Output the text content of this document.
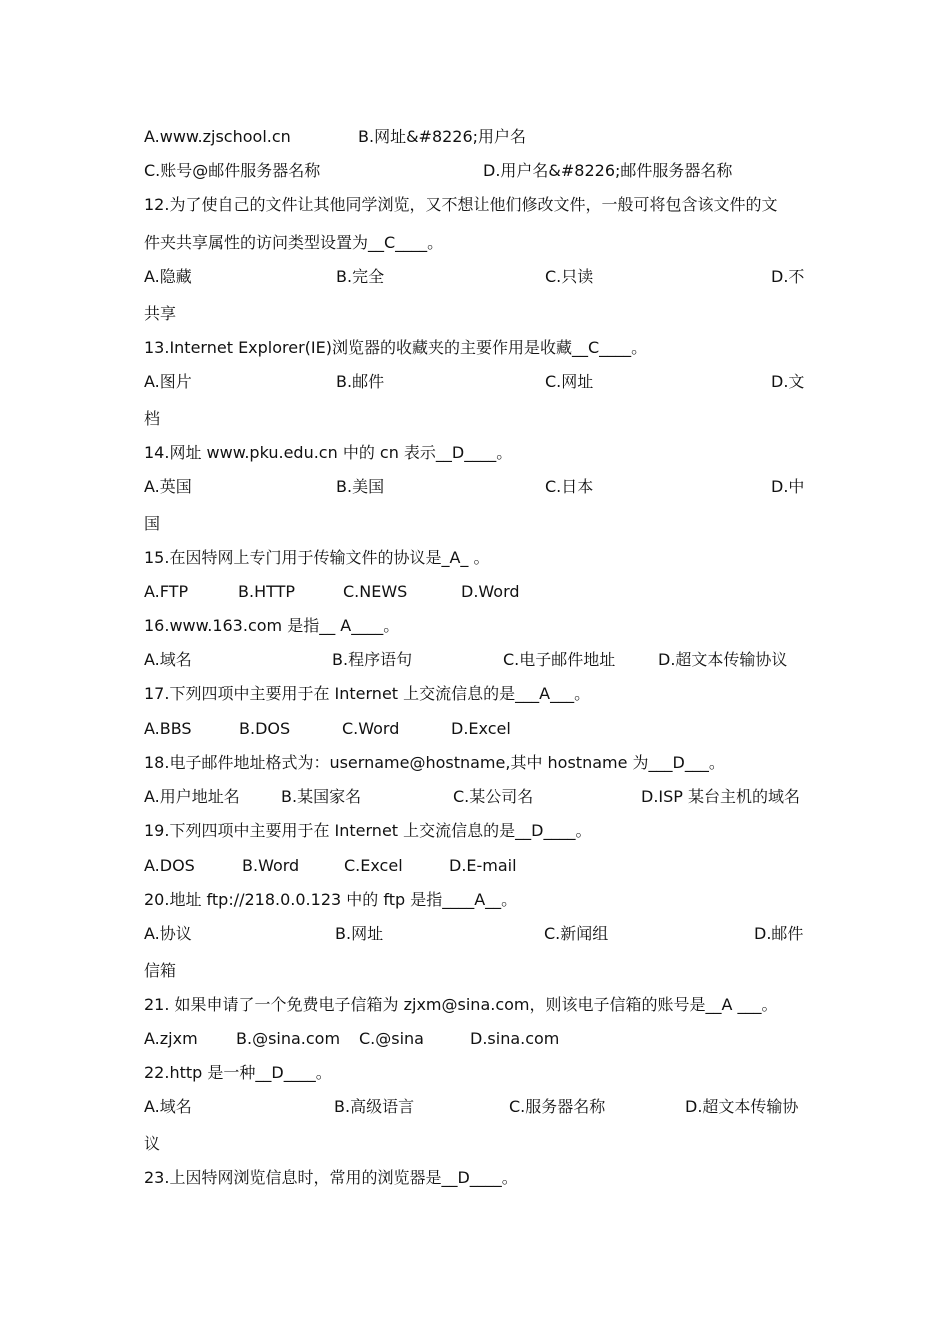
A.www.zjschool.cn	B.网址&#8226;用户名
C.账号@邮件服务器名称	D.用户名&#8226;邮件服务器名称
12.为了使自己的文件让其他同学浏览，又不想让他们修改文件，一般可将包含该文件的文
件夹共享属性的访问类型设置为__C____。
A.隐藏	B.完全	C.只读	D.不
共享
13.Internet Explorer(IE)浏览器的收藏夹的主要作用是收藏__C____。
A.图片	B.邮件	C.网址	D.文
档
14.网址 www.pku.edu.cn 中的 cn 表示__D____。
A.英国	B.美国	C.日本	D.中
国
15.在因特网上专门用于传输文件的协议是_A_ 。
A.FTP	B.HTTP	C.NEWS	D.Word
16.www.163.com 是指__ A____。
A.域名	B.程序语句	C.电子邮件地址	D.超文本传输协议
17.下列四项中主要用于在 Internet 上交流信息的是___A___。
A.BBS	B.DOS	C.Word	D.Excel
18.电子邮件地址格式为：username@hostname,其中 hostname 为___D___。
A.用户地址名	B.某国家名	C.某公司名	D.ISP 某台主机的域名
19.下列四项中主要用于在 Internet 上交流信息的是__D____。
A.DOS	B.Word	C.Excel	D.E-mail
20.地址 ftp://218.0.0.123 中的 ftp 是指____A__。
A.协议	B.网址	C.新闻组	D.邮件
信箱
21. 如果申请了一个免费电子信箱为 zjxm@sina.com，则该电子信箱的账号是__A ___。
A.zjxm B.@sina.com C.@sina	D.sina.com
22.http 是一种__D____。
A.域名	B.高级语言	C.服务器名称	D.超文本传输协
议
23.上因特网浏览信息时，常用的浏览器是__D____。
